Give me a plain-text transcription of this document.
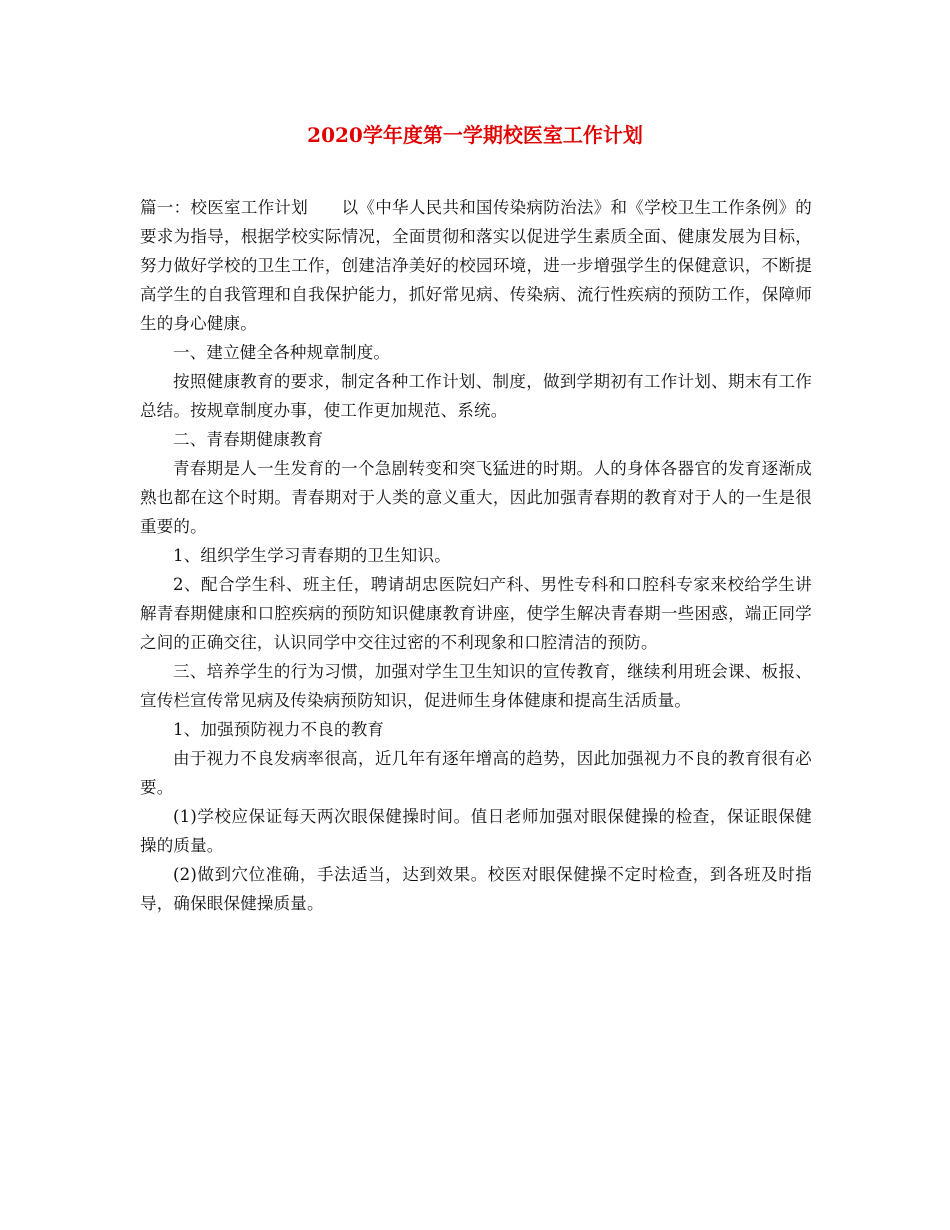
2020学年度第一学期校医室工作计划

篇一：校医室工作计划　　以《中华人民共和国传染病防治法》和《学校卫生工作条例》的要求为指导，根据学校实际情况，全面贯彻和落实以促进学生素质全面、健康发展为目标，努力做好学校的卫生工作，创建洁净美好的校园环境，进一步增强学生的保健意识，不断提高学生的自我管理和自我保护能力，抓好常见病、传染病、流行性疾病的预防工作，保障师生的身心健康。

一、建立健全各种规章制度。

按照健康教育的要求，制定各种工作计划、制度，做到学期初有工作计划、期末有工作总结。按规章制度办事，使工作更加规范、系统。

二、青春期健康教育

青春期是人一生发育的一个急剧转变和突飞猛进的时期。人的身体各器官的发育逐渐成熟也都在这个时期。青春期对于人类的意义重大，因此加强青春期的教育对于人的一生是很重要的。

1、组织学生学习青春期的卫生知识。

2、配合学生科、班主任，聘请胡忠医院妇产科、男性专科和口腔科专家来校给学生讲解青春期健康和口腔疾病的预防知识健康教育讲座，使学生解决青春期一些困惑，端正同学之间的正确交往，认识同学中交往过密的不利现象和口腔清洁的预防。

三、培养学生的行为习惯，加强对学生卫生知识的宣传教育，继续利用班会课、板报、宣传栏宣传常见病及传染病预防知识，促进师生身体健康和提高生活质量。

1、加强预防视力不良的教育

由于视力不良发病率很高，近几年有逐年增高的趋势，因此加强视力不良的教育很有必要。

(1)学校应保证每天两次眼保健操时间。值日老师加强对眼保健操的检查，保证眼保健操的质量。

(2)做到穴位准确，手法适当，达到效果。校医对眼保健操不定时检查，到各班及时指导，确保眼保健操质量。
